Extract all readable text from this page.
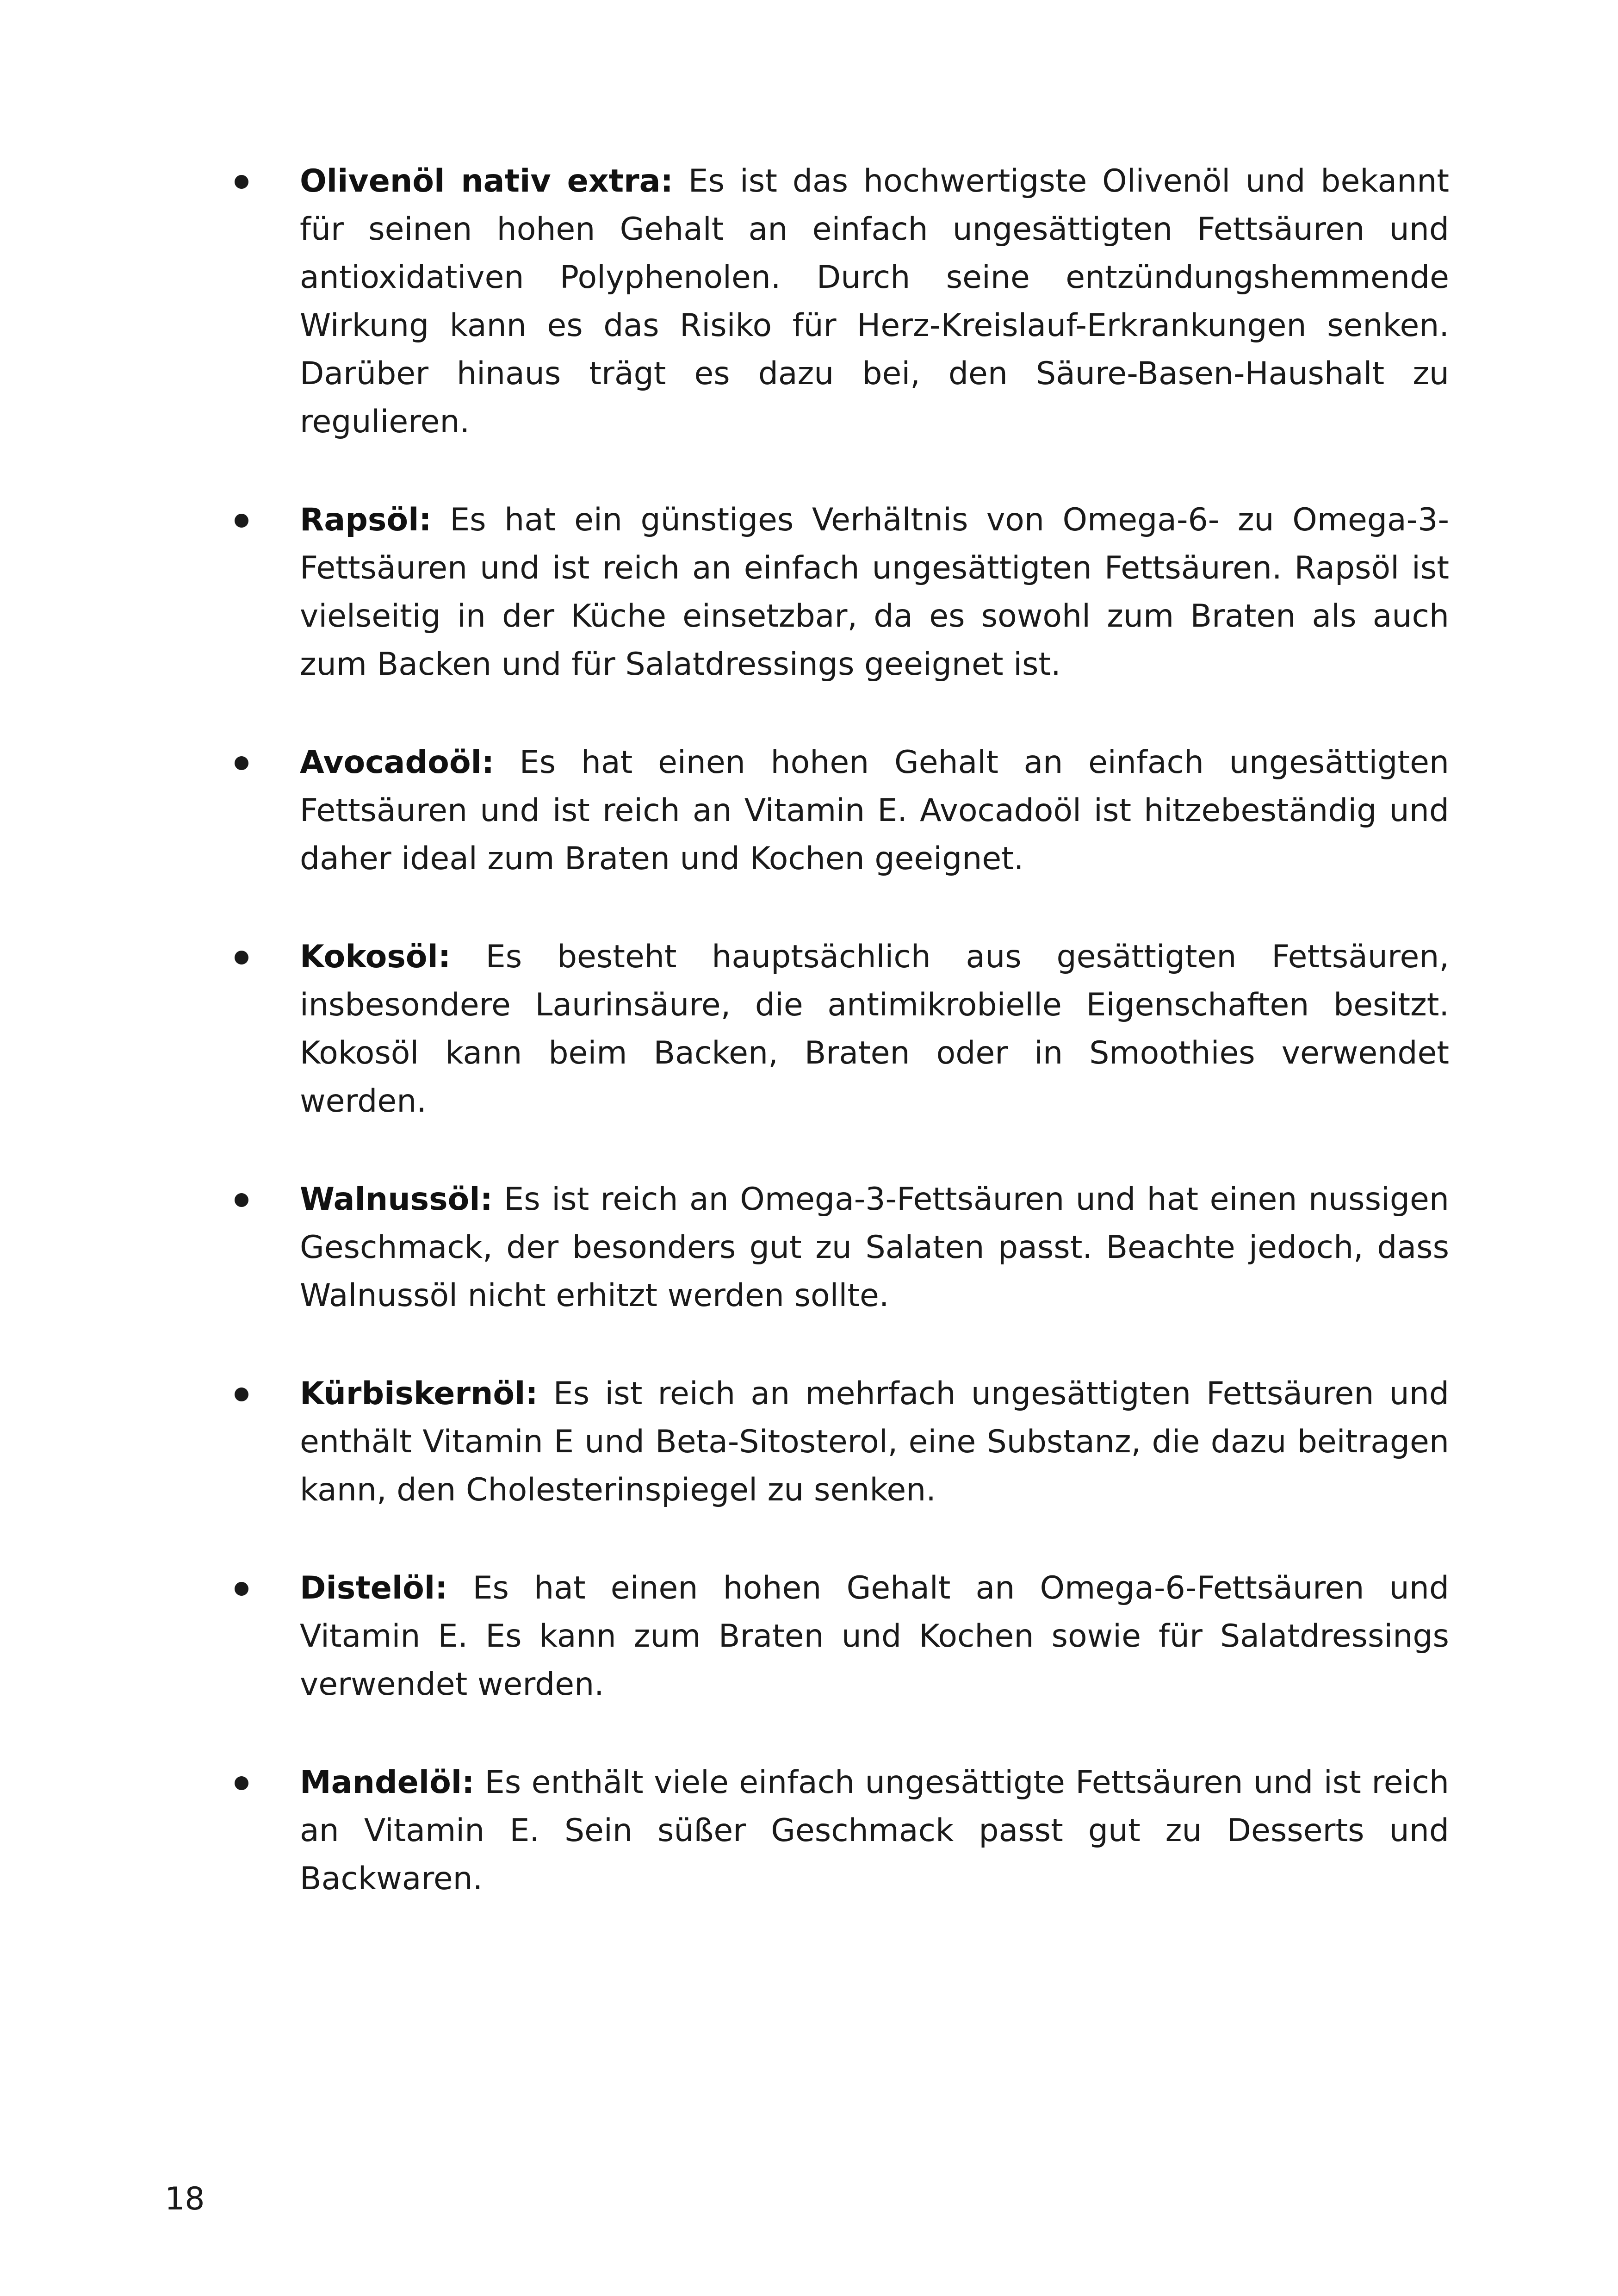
Olivenöl nativ extra: Es ist das hochwertigste Olivenöl und bekannt für seinen hohen Gehalt an einfach ungesättigten Fettsäuren und antioxidativen Polyphenolen. Durch seine entzündungshemmende Wirkung kann es das Risiko für Herz-Kreislauf-Erkrankungen senken. Darüber hinaus trägt es dazu bei, den Säure-Basen-Haushalt zu regulieren.
Rapsöl: Es hat ein günstiges Verhältnis von Omega-6- zu Omega-3-Fettsäuren und ist reich an einfach ungesättigten Fettsäuren. Rapsöl ist vielseitig in der Küche einsetzbar, da es sowohl zum Braten als auch zum Backen und für Salatdressings geeignet ist.
Avocadoöl: Es hat einen hohen Gehalt an einfach ungesättigten Fettsäuren und ist reich an Vitamin E. Avocadoöl ist hitzebeständig und daher ideal zum Braten und Kochen geeignet.
Kokosöl: Es besteht hauptsächlich aus gesättigten Fettsäuren, insbesondere Laurinsäure, die antimikrobielle Eigenschaften besitzt. Kokosöl kann beim Backen, Braten oder in Smoothies verwendet werden.
Walnussöl: Es ist reich an Omega-3-Fettsäuren und hat einen nussigen Geschmack, der besonders gut zu Salaten passt. Beachte jedoch, dass Walnussöl nicht erhitzt werden sollte.
Kürbiskernöl: Es ist reich an mehrfach ungesättigten Fettsäuren und enthält Vitamin E und Beta-Sitosterol, eine Substanz, die dazu beitragen kann, den Cholesterinspiegel zu senken.
Distelöl: Es hat einen hohen Gehalt an Omega-6-Fettsäuren und Vitamin E. Es kann zum Braten und Kochen sowie für Salatdressings verwendet werden.
Mandelöl: Es enthält viele einfach ungesättigte Fettsäuren und ist reich an Vitamin E. Sein süßer Geschmack passt gut zu Desserts und Backwaren.
18
